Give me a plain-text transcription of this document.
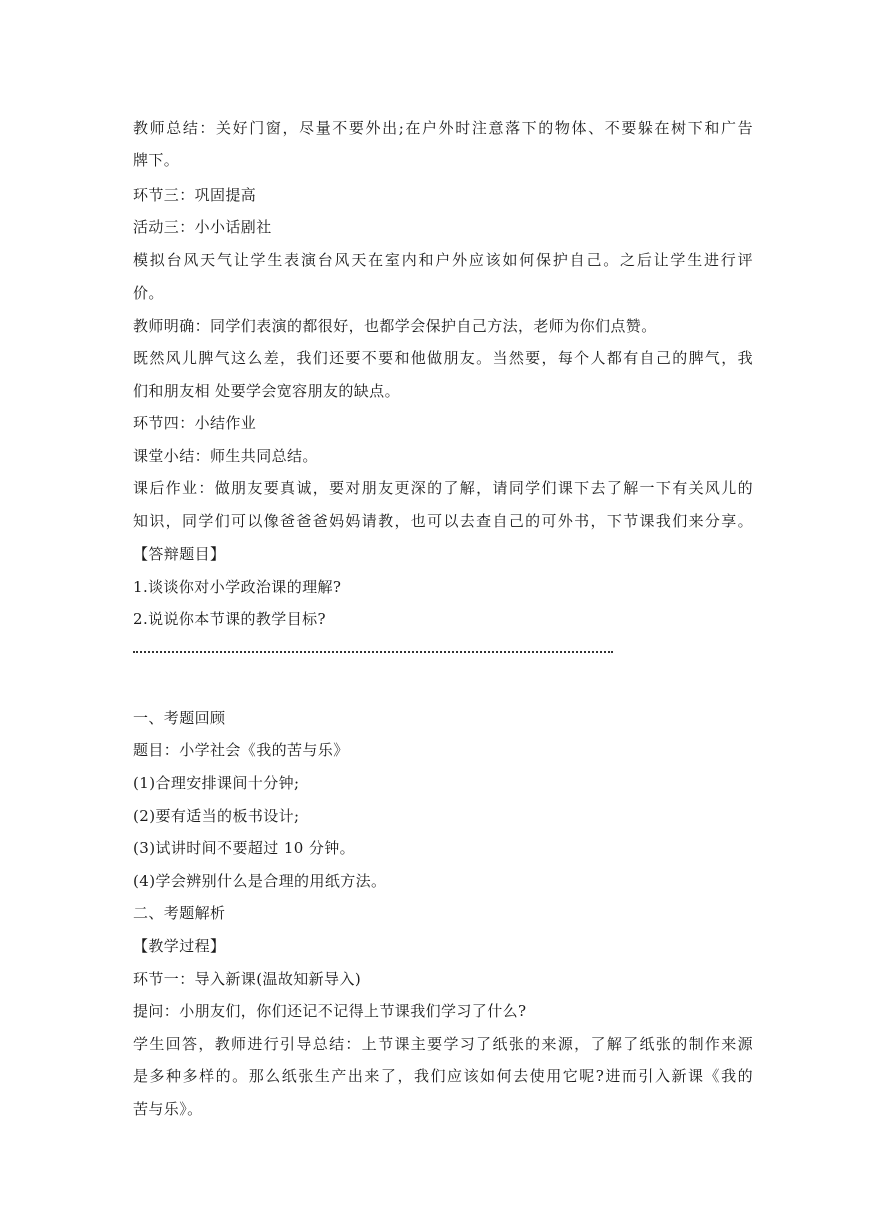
教师总结：关好门窗，尽量不要外出;在户外时注意落下的物体、不要躲在树下和广告
牌下。
环节三：巩固提高
活动三：小小话剧社
模拟台风天气让学生表演台风天在室内和户外应该如何保护自己。之后让学生进行评
价。
教师明确：同学们表演的都很好，也都学会保护自己方法，老师为你们点赞。
既然风儿脾气这么差，我们还要不要和他做朋友。当然要，每个人都有自己的脾气，我
们和朋友相 处要学会宽容朋友的缺点。
环节四：小结作业
课堂小结：师生共同总结。
课后作业：做朋友要真诚，要对朋友更深的了解，请同学们课下去了解一下有关风儿的
知识，同学们可以像爸爸爸妈妈请教，也可以去查自己的可外书，下节课我们来分享。
【答辩题目】
1.谈谈你对小学政治课的理解?
2.说说你本节课的教学目标?
一、考题回顾
题目：小学社会《我的苦与乐》
(1)合理安排课间十分钟;
(2)要有适当的板书设计;
(3)试讲时间不要超过 10 分钟。
(4)学会辨别什么是合理的用纸方法。
二、考题解析
【教学过程】
环节一：导入新课(温故知新导入)
提问：小朋友们，你们还记不记得上节课我们学习了什么?
学生回答，教师进行引导总结：上节课主要学习了纸张的来源，了解了纸张的制作来源
是多种多样的。那么纸张生产出来了，我们应该如何去使用它呢?进而引入新课《我的
苦与乐》。
